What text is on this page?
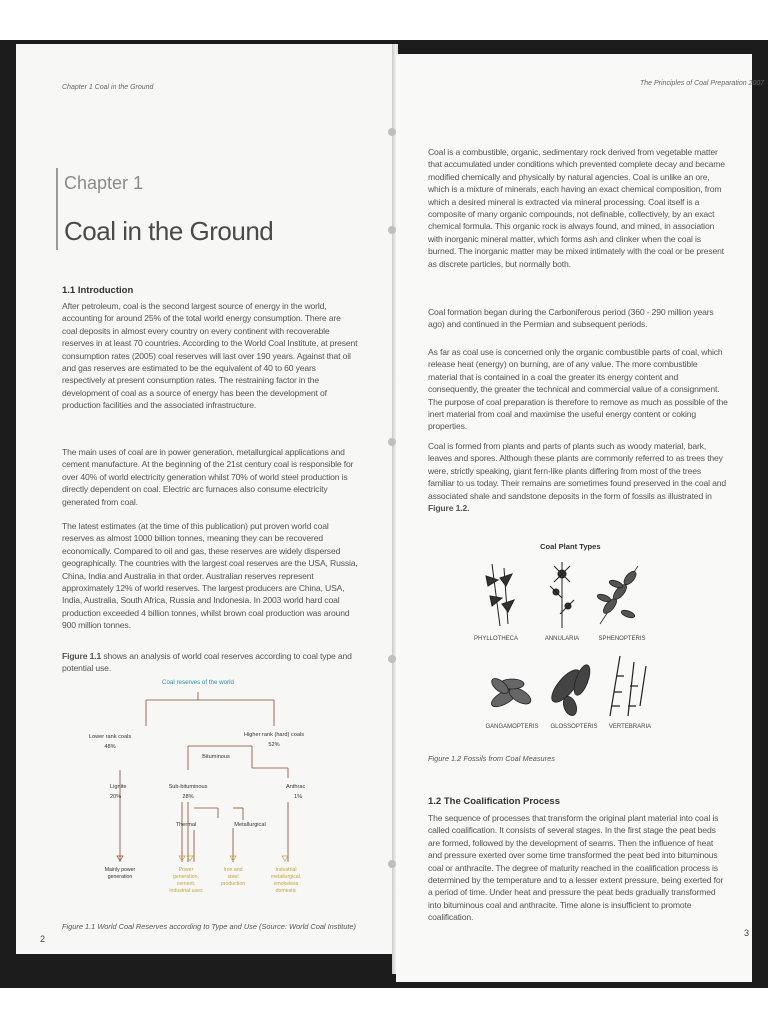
Chapter 1 Coal in the Ground
Chapter 1
Coal in the Ground
1.1 Introduction

After petroleum, coal is the second largest source of energy in the world, accounting for around 25% of the total world energy consumption. There are coal deposits in almost every country on every continent with recoverable reserves in at least 70 countries. According to the World Coal Institute, at present consumption rates (2005) coal reserves will last over 190 years. Against that oil and gas reserves are estimated to be the equivalent of 40 to 60 years respectively at present consumption rates. The restraining factor in the development of coal as a source of energy has been the development of production facilities and the associated infrastructure.

The main uses of coal are in power generation, metallurgical applications and cement manufacture. At the beginning of the 21st century coal is responsible for over 40% of world electricity generation whilst 70% of world steel production is directly dependent on coal. Electric arc furnaces also consume electricity generated from coal.

The latest estimates (at the time of this publication) put proven world coal reserves as almost 1000 billion tonnes, meaning they can be recovered economically. Compared to oil and gas, these reserves are widely dispersed geographically. The countries with the largest coal reserves are the USA, Russia, China, India and Australia in that order. Australian reserves represent approximately 12% of world reserves. The largest producers are China, USA, India, Australia, South Africa, Russia and Indonesia. In 2003 world hard coal production exceeded 4 billion tonnes, whilst brown coal production was around 900 million tonnes.

Figure 1.1 shows an analysis of world coal reserves according to coal type and potential use.

Coal reserves of the world
Lower rank coals
48%
Higher rank (hard) coals
52%
Bituminous
Lignite
20%
Sub-bituminous
28%
Anthrac
1%
Thermal	Metallurgical
Mainly power
generation
Power
generation,
cement,
industrial uses
Iron and
steel
production
Industrial
metallurgical,
smokeless
domestic
Figure 1.1 World Coal Reserves according to Type and Use (Source: World Coal Institute)
2
The Principles of Coal Preparation 2007

Coal is a combustible, organic, sedimentary rock derived from vegetable matter that accumulated under conditions which prevented complete decay and became modified chemically and physically by natural agencies. Coal is unlike an ore, which is a mixture of minerals, each having an exact chemical composition, from which a desired mineral is extracted via mineral processing. Coal itself is a composite of many organic compounds, not definable, collectively, by an exact chemical formula. This organic rock is always found, and mined, in association with inorganic mineral matter, which forms ash and clinker when the coal is burned. The inorganic matter may be mixed intimately with the coal or be present as discrete particles, but normally both.

Coal formation began during the Carboniferous period (360 - 290 million years ago) and continued in the Permian and subsequent periods.

As far as coal use is concerned only the organic combustible parts of coal, which release heat (energy) on burning, are of any value. The more combustible material that is contained in a coal the greater its energy content and consequently, the greater the technical and commercial value of a consignment. The purpose of coal preparation is therefore to remove as much as possible of the inert material from coal and maximise the useful energy content or coking properties.

Coal is formed from plants and parts of plants such as woody material, bark, leaves and spores. Although these plants are commonly referred to as trees they were, strictly speaking, giant fern-like plants differing from most of the trees familiar to us today. Their remains are sometimes found preserved in the coal and associated shale and sandstone deposits in the form of fossils as illustrated in Figure 1.2.

Coal Plant Types
PHYLLOTHECA	ANNULARIA	SPHENOPTERIS
GANGAMOPTERIS GLOSSOPTERIS VERTEBRARIA
Figure 1.2 Fossils from Coal Measures
1.2 The Coalification Process

The sequence of processes that transform the original plant material into coal is called coalification. It consists of several stages. In the first stage the peat beds are formed, followed by the development of seams. Then the influence of heat and pressure exerted over some time transformed the peat bed into bituminous coal or anthracite. The degree of maturity reached in the coalification process is determined by the temperature and to a lesser extent pressure, being exerted for a period of time. Under heat and pressure the peat beds gradually transformed into bituminous coal and anthracite. Time alone is insufficient to promote coalification.

3
